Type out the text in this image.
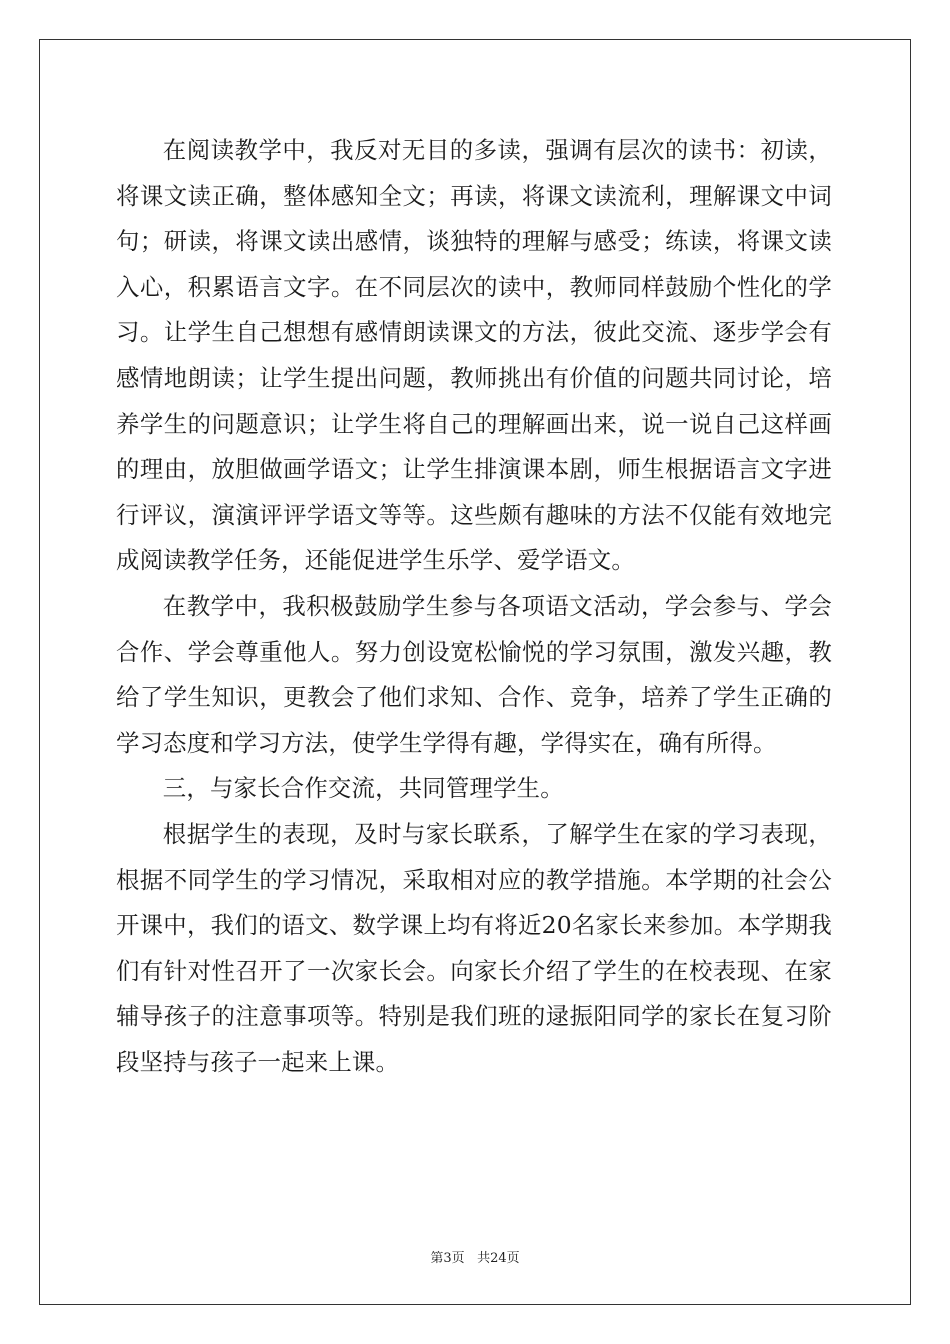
在阅读教学中，我反对无目的多读，强调有层次的读书：初读，将课文读正确，整体感知全文；再读，将课文读流利，理解课文中词句；研读，将课文读出感情，谈独特的理解与感受；练读，将课文读入心，积累语言文字。在不同层次的读中，教师同样鼓励个性化的学习。让学生自己想想有感情朗读课文的方法，彼此交流、逐步学会有感情地朗读；让学生提出问题，教师挑出有价值的问题共同讨论，培养学生的问题意识；让学生将自己的理解画出来，说一说自己这样画的理由，放胆做画学语文；让学生排演课本剧，师生根据语言文字进行评议，演演评评学语文等等。这些颇有趣味的方法不仅能有效地完成阅读教学任务，还能促进学生乐学、爱学语文。

在教学中，我积极鼓励学生参与各项语文活动，学会参与、学会合作、学会尊重他人。努力创设宽松愉悦的学习氛围，激发兴趣，教给了学生知识，更教会了他们求知、合作、竞争，培养了学生正确的学习态度和学习方法，使学生学得有趣，学得实在，确有所得。

三，与家长合作交流，共同管理学生。

根据学生的表现，及时与家长联系，了解学生在家的学习表现，根据不同学生的学习情况，采取相对应的教学措施。本学期的社会公开课中，我们的语文、数学课上均有将近20名家长来参加。本学期我们有针对性召开了一次家长会。向家长介绍了学生的在校表现、在家辅导孩子的注意事项等。特别是我们班的逯振阳同学的家长在复习阶段坚持与孩子一起来上课。

第3页 共24页
